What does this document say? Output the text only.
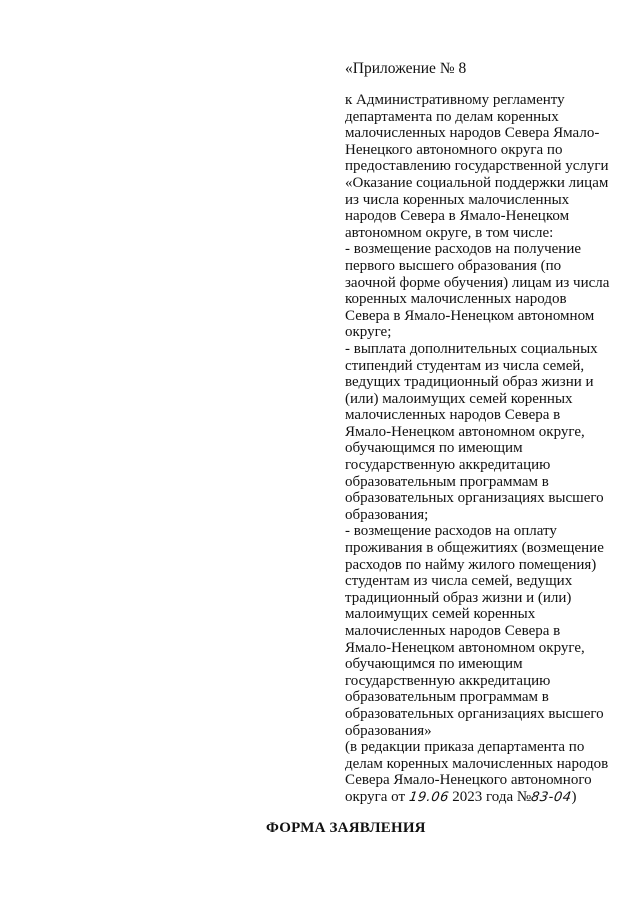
«Приложение № 8
к Административному регламенту
департамента по делам коренных
малочисленных народов Севера Ямало-
Ненецкого автономного округа по
предоставлению государственной услуги
«Оказание социальной поддержки лицам
из числа коренных малочисленных
народов Севера в Ямало-Ненецком
автономном округе, в том числе:
- возмещение расходов на получение
первого высшего образования (по
заочной форме обучения) лицам из числа
коренных малочисленных народов
Севера в Ямало-Ненецком автономном
округе;
- выплата дополнительных социальных
стипендий студентам из числа семей,
ведущих традиционный образ жизни и
(или) малоимущих семей коренных
малочисленных народов Севера в
Ямало-Ненецком автономном округе,
обучающимся по имеющим
государственную аккредитацию
образовательным программам в
образовательных организациях высшего
образования;
- возмещение расходов на оплату
проживания в общежитиях (возмещение
расходов по найму жилого помещения)
студентам из числа семей, ведущих
традиционный образ жизни и (или)
малоимущих семей коренных
малочисленных народов Севера в
Ямало-Ненецком автономном округе,
обучающимся по имеющим
государственную аккредитацию
образовательным программам в
образовательных организациях высшего
образования»
(в редакции приказа департамента по
делам коренных малочисленных народов
Севера Ямало-Ненецкого автономного
округа от 19.06 2023 года №83-04)
ФОРМА ЗАЯВЛЕНИЯ
